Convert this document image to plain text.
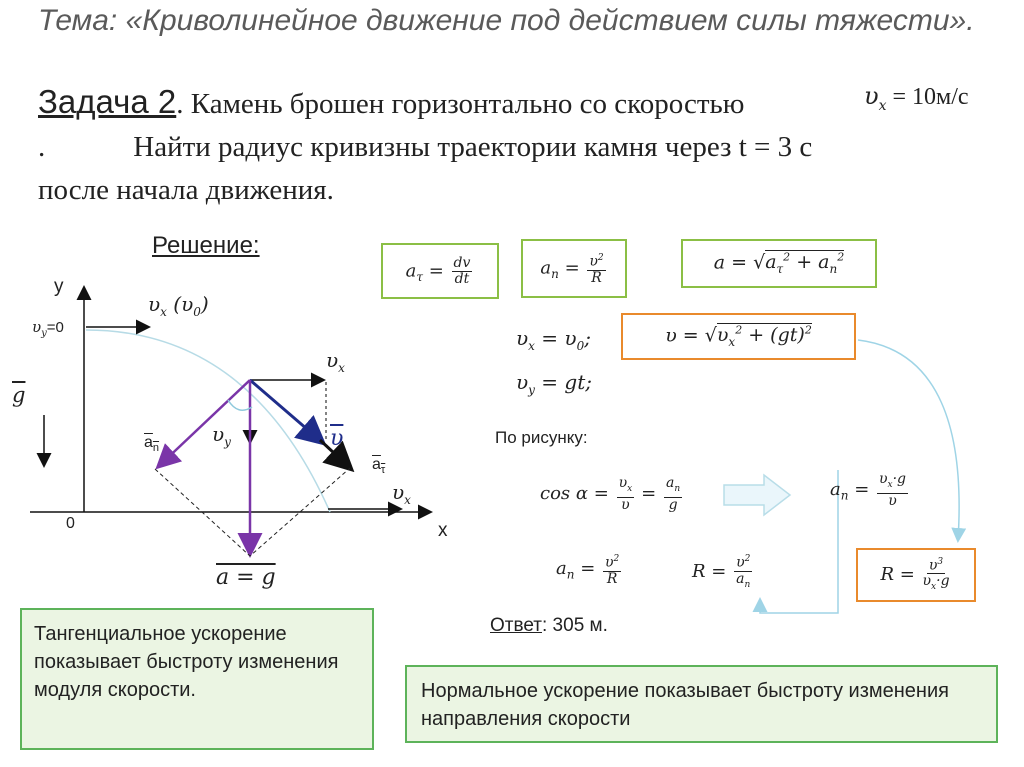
Тема: «Криволинейное движение под действием силы тяжести».
Задача 2. Камень брошен горизонтально со скоростью	$\upsilon_x = 10м/с$
.	Найти радиус кривизны траектории камня через t = 3 с
после начала движения.
Решение:
у
х
0
$\upsilon_y=0$
$\overline{g}$
$\upsilon_x$ $(\upsilon_0)$
$\upsilon_x$
$\upsilon_y$	$\overline{\upsilon}$
$a_n$
$a_\tau$
$\upsilon_x$
a = g
$a_\tau = \frac{dv}{dt}$	$a_n = \frac{\upsilon^2}{R}$	$a = √a_\tau^2 + a_n^2$
$\upsilon_x = \upsilon_0$;
$\upsilon_y$ = gt;
$\upsilon = √\upsilon_x^2 + (gt)^2$
По рисунку:
$\cos \alpha = \frac{\upsilon_x}{\upsilon} = \frac{a_n}{g}$	$a_n = \frac{\upsilon_x\cdot g}{\upsilon}$
$a_n = \frac{\upsilon^2}{R}$	$R = \frac{\upsilon^2}{a_n}$	$R = \frac{\upsilon^3}{\upsilon_x\cdot g}$
Ответ: 305 м.
Тангенциальное ускорение показывает быстроту изменения модуля скорости.	Нормальное ускорение показывает быстроту изменения направления скорости
